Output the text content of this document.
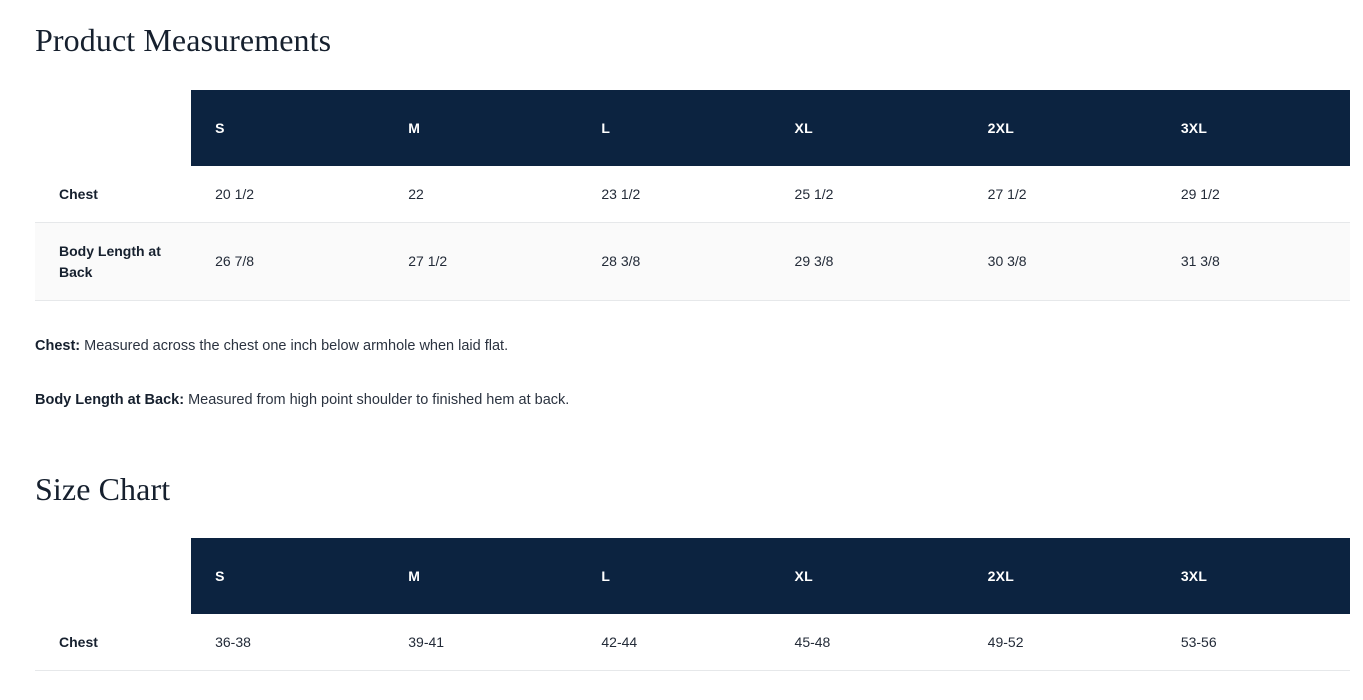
Product Measurements
	S	M	L	XL	2XL	3XL
Chest	20 1/2	22	23 1/2	25 1/2	27 1/2	29 1/2
Body Length at Back	26 7/8	27 1/2	28 3/8	29 3/8	30 3/8	31 3/8
Chest: Measured across the chest one inch below armhole when laid flat.
Body Length at Back: Measured from high point shoulder to finished hem at back.
Size Chart
	S	M	L	XL	2XL	3XL
Chest	36-38	39-41	42-44	45-48	49-52	53-56
